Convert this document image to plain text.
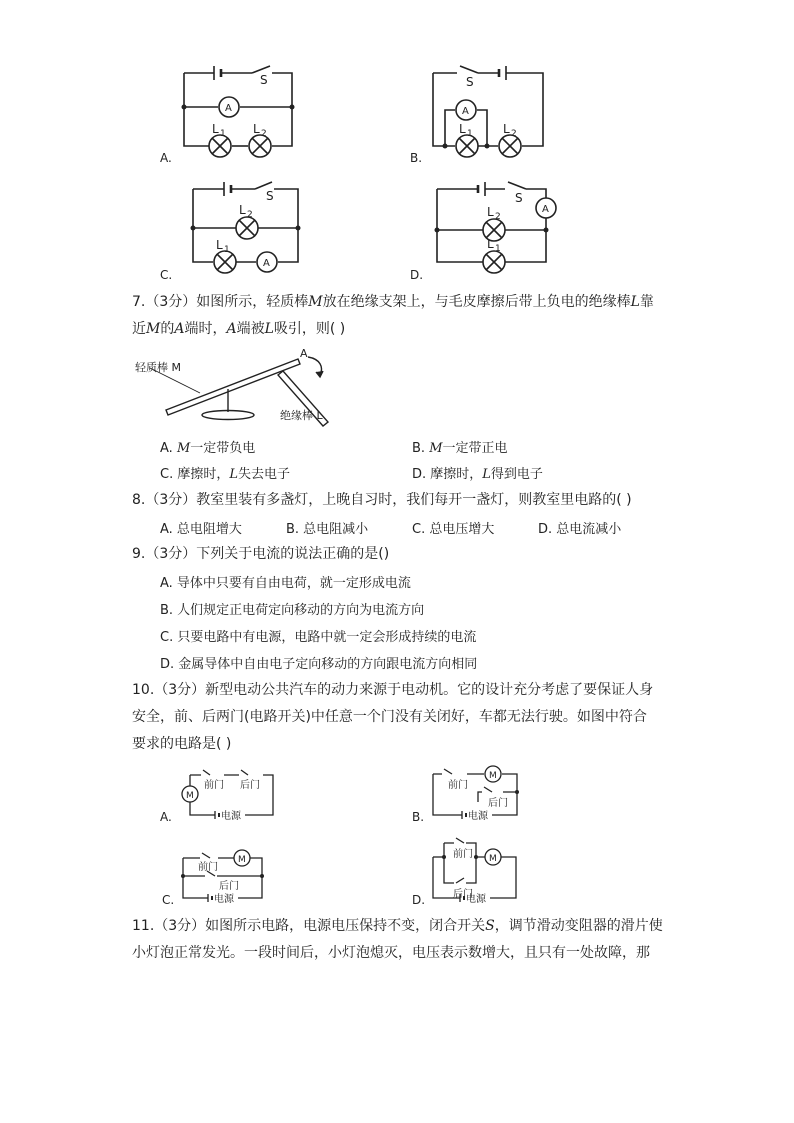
A.
S
A
L 1 L 2
B.
S
A
L 1	L 2
C.
S
A
L 2
L 1
D.
S
A
L 2
L 1
7.（3分）如图所示，轻质棒M放在绝缘支架上，与毛皮摩擦后带上负电的绝缘棒L靠
近M的A端时，A端被L吸引，则( )
轻质棒 M
绝缘棒 L
A
A. M一定带负电	B. M一定带正电
C. 摩擦时，L失去电子	D. 摩擦时，L得到电子
8.（3分）教室里装有多盏灯，上晚自习时，我们每开一盏灯，则教室里电路的( )
A. 总电阻增大	B. 总电阻减小	C. 总电压增大	D. 总电流减小
9.（3分）下列关于电流的说法正确的是()
A. 导体中只要有自由电荷，就一定形成电流
B. 人们规定正电荷定向移动的方向为电流方向
C. 只要电路中有电源，电路中就一定会形成持续的电流
D. 金属导体中自由电子定向移动的方向跟电流方向相同
10.（3分）新型电动公共汽车的动力来源于电动机。它的设计充分考虑了要保证人身
安全，前、后两门(电路开关)中任意一个门没有关闭好，车都无法行驶。如图中符合
要求的电路是( )
M
前门 后门
电源
M
前门
后门
电源
M
前门
后门
电源
M
前门
后门
电源
A.	B.
C.	D.
11.（3分）如图所示电路，电源电压保持不变，闭合开关S，调节滑动变阻器的滑片使
小灯泡正常发光。一段时间后，小灯泡熄灭，电压表示数增大，且只有一处故障，那
